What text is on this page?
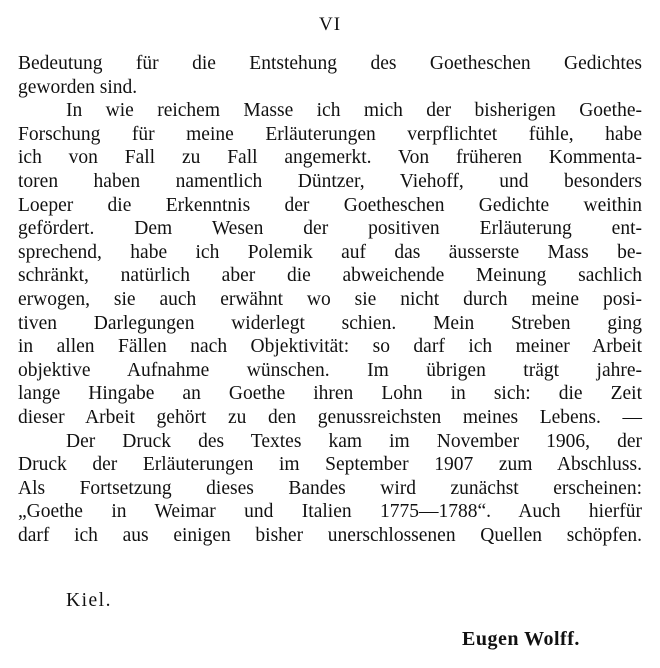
VI
Bedeutung für die Entstehung des Goetheschen Gedichtes
geworden sind.
In wie reichem Masse ich mich der bisherigen Goethe-
Forschung für meine Erläuterungen verpflichtet fühle, habe
ich von Fall zu Fall angemerkt. Von früheren Kommenta-
toren haben namentlich Düntzer, Viehoff, und besonders
Loeper die Erkenntnis der Goetheschen Gedichte weithin
gefördert. Dem Wesen der positiven Erläuterung ent-
sprechend, habe ich Polemik auf das äusserste Mass be-
schränkt, natürlich aber die abweichende Meinung sachlich
erwogen, sie auch erwähnt wo sie nicht durch meine posi-
tiven Darlegungen widerlegt schien. Mein Streben ging
in allen Fällen nach Objektivität: so darf ich meiner Arbeit
objektive Aufnahme wünschen. Im übrigen trägt jahre-
lange Hingabe an Goethe ihren Lohn in sich: die Zeit
dieser Arbeit gehört zu den genussreichsten meines Lebens. —
Der Druck des Textes kam im November 1906, der
Druck der Erläuterungen im September 1907 zum Abschluss.
Als Fortsetzung dieses Bandes wird zunächst erscheinen:
„Goethe in Weimar und Italien 1775—1788“. Auch hierfür
darf ich aus einigen bisher unerschlossenen Quellen schöpfen.
Kiel.
Eugen Wolff.
